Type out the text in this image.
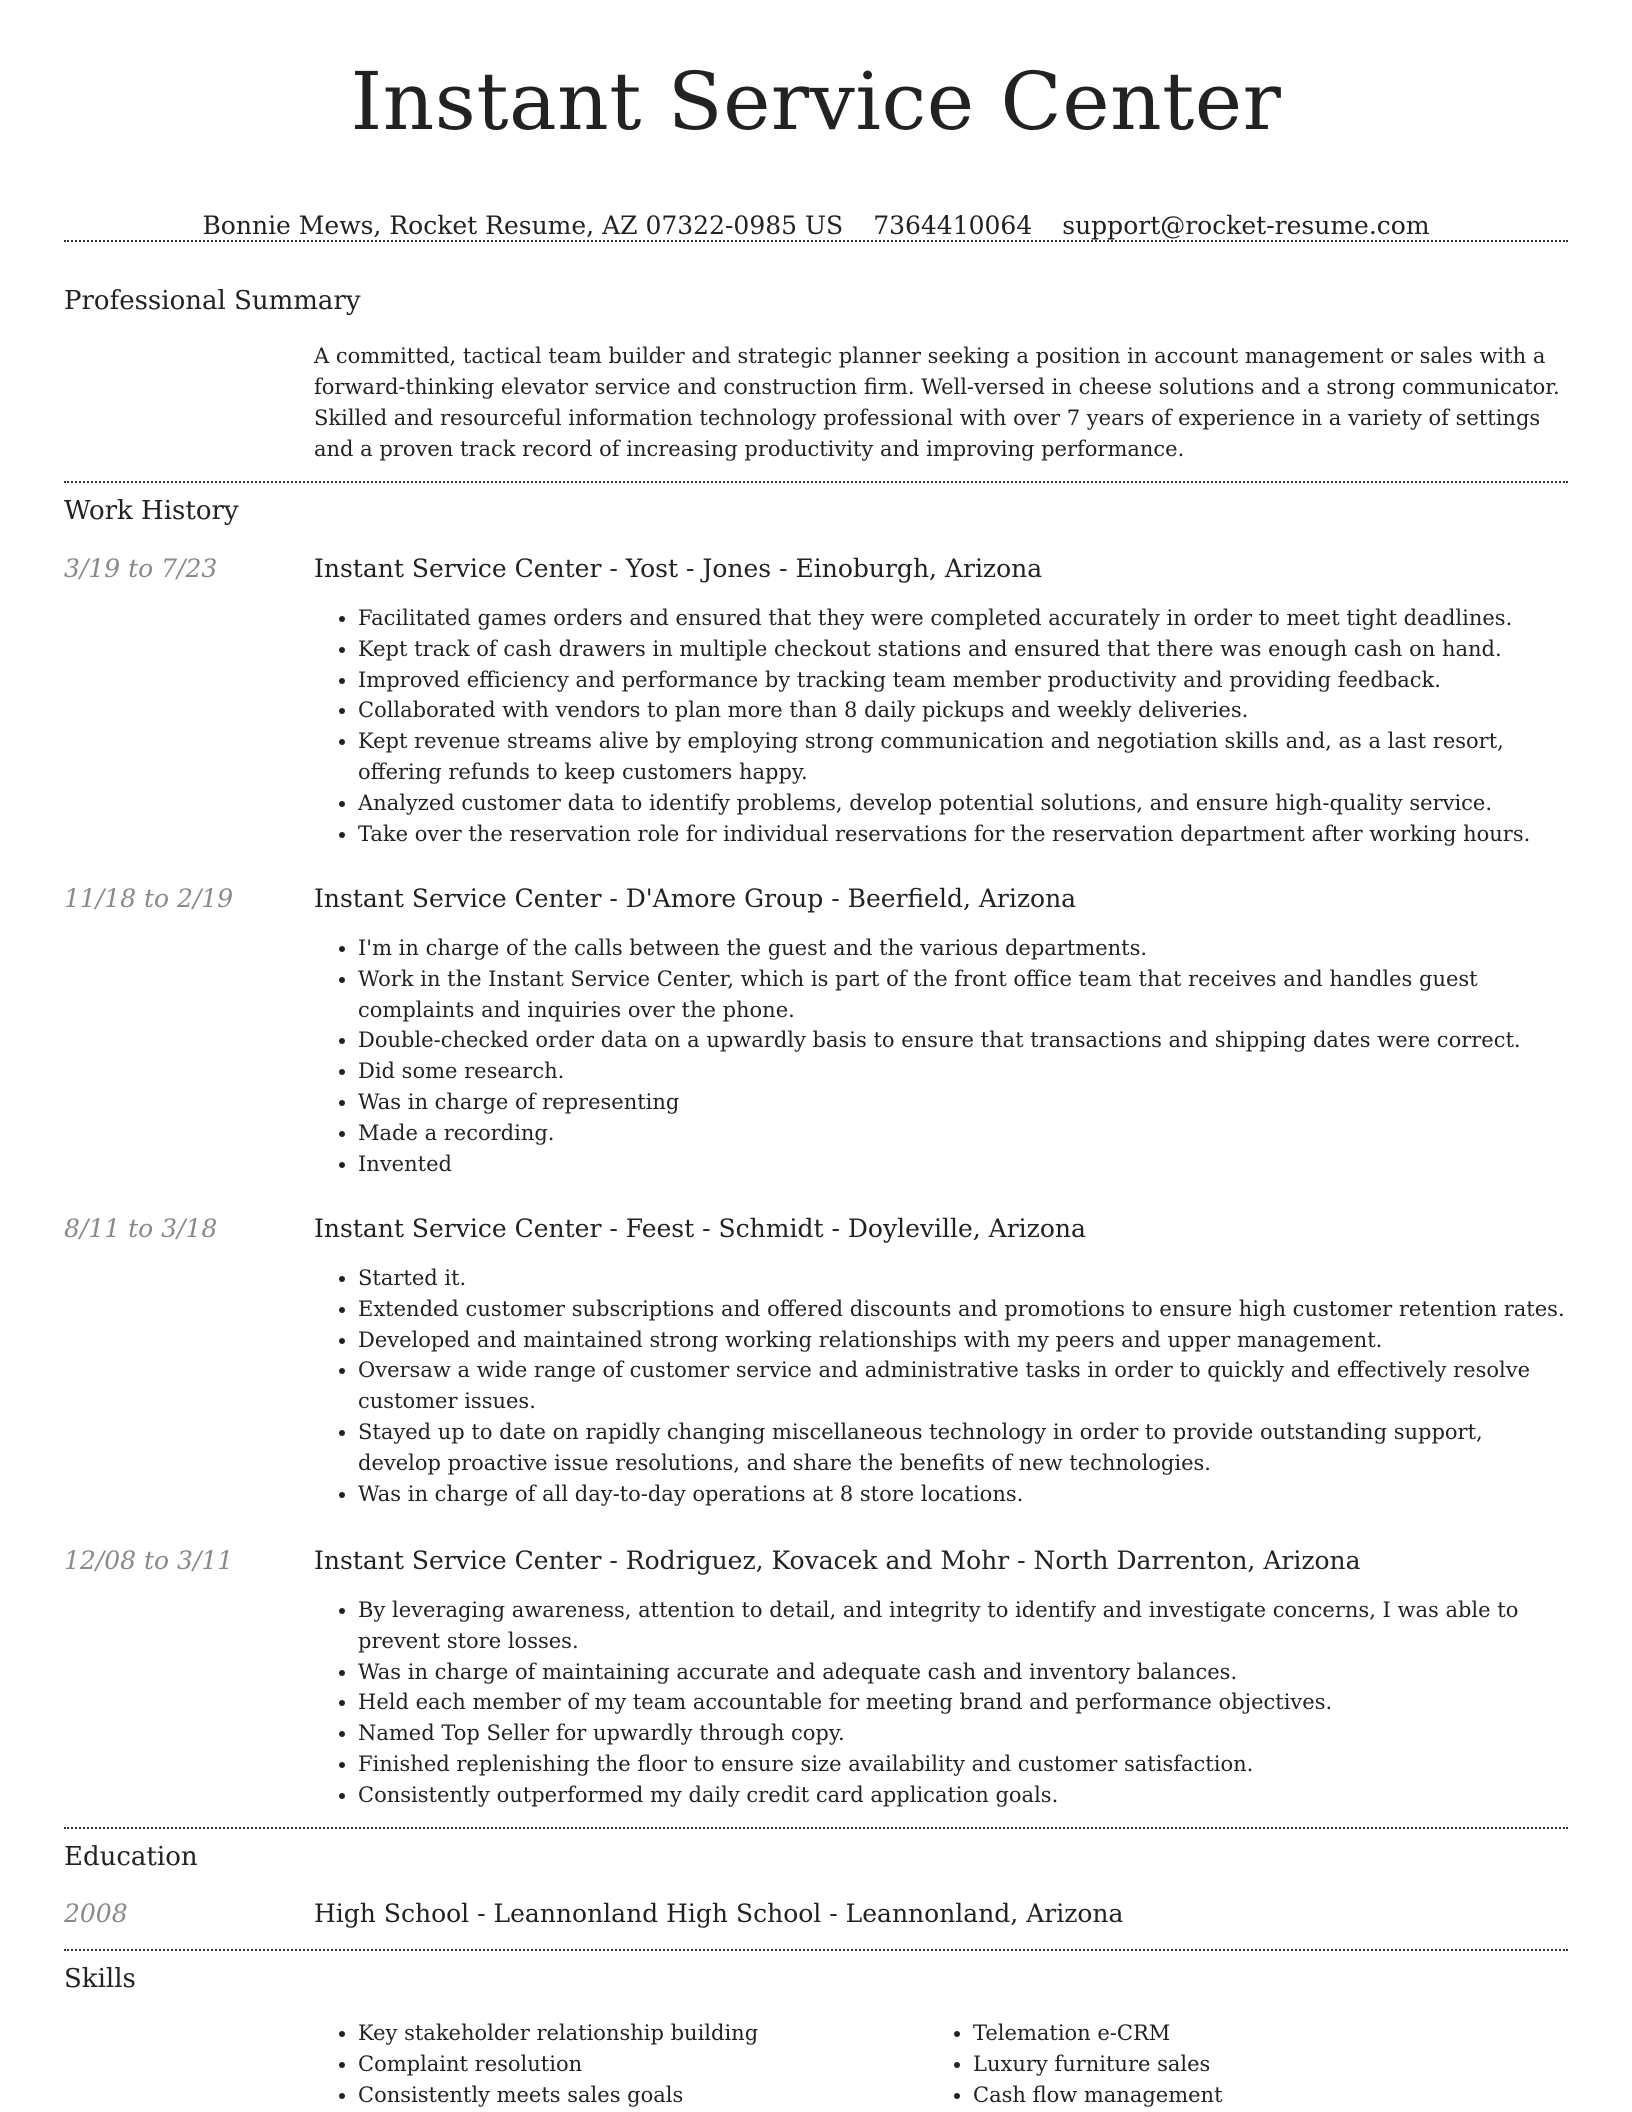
Instant Service Center
Bonnie Mews, Rocket Resume, AZ 07322-0985 US 7364410064 support@rocket-resume.com
Professional Summary
A committed, tactical team builder and strategic planner seeking a position in account management or sales with a forward-thinking elevator service and construction firm. Well-versed in cheese solutions and a strong communicator. Skilled and resourceful information technology professional with over 7 years of experience in a variety of settings and a proven track record of increasing productivity and improving performance.
Work History
3/19 to 7/23	Instant Service Center - Yost - Jones - Einoburgh, Arizona
• Facilitated games orders and ensured that they were completed accurately in order to meet tight deadlines.
• Kept track of cash drawers in multiple checkout stations and ensured that there was enough cash on hand.
• Improved efficiency and performance by tracking team member productivity and providing feedback.
• Collaborated with vendors to plan more than 8 daily pickups and weekly deliveries.
• Kept revenue streams alive by employing strong communication and negotiation skills and, as a last resort, offering refunds to keep customers happy.
• Analyzed customer data to identify problems, develop potential solutions, and ensure high-quality service.
• Take over the reservation role for individual reservations for the reservation department after working hours.
11/18 to 2/19	Instant Service Center - D'Amore Group - Beerfield, Arizona
• I'm in charge of the calls between the guest and the various departments.
• Work in the Instant Service Center, which is part of the front office team that receives and handles guest complaints and inquiries over the phone.
• Double-checked order data on a upwardly basis to ensure that transactions and shipping dates were correct.
• Did some research.
• Was in charge of representing
• Made a recording.
• Invented
8/11 to 3/18	Instant Service Center - Feest - Schmidt - Doyleville, Arizona
• Started it.
• Extended customer subscriptions and offered discounts and promotions to ensure high customer retention rates.
• Developed and maintained strong working relationships with my peers and upper management.
• Oversaw a wide range of customer service and administrative tasks in order to quickly and effectively resolve customer issues.
• Stayed up to date on rapidly changing miscellaneous technology in order to provide outstanding support, develop proactive issue resolutions, and share the benefits of new technologies.
• Was in charge of all day-to-day operations at 8 store locations.
12/08 to 3/11	Instant Service Center - Rodriguez, Kovacek and Mohr - North Darrenton, Arizona
• By leveraging awareness, attention to detail, and integrity to identify and investigate concerns, I was able to prevent store losses.
• Was in charge of maintaining accurate and adequate cash and inventory balances.
• Held each member of my team accountable for meeting brand and performance objectives.
• Named Top Seller for upwardly through copy.
• Finished replenishing the floor to ensure size availability and customer satisfaction.
• Consistently outperformed my daily credit card application goals.
Education
2008	High School - Leannonland High School - Leannonland, Arizona
Skills
• Key stakeholder relationship building
• Complaint resolution
• Consistently meets sales goals
• Telemation e-CRM
• Luxury furniture sales
• Cash flow management
